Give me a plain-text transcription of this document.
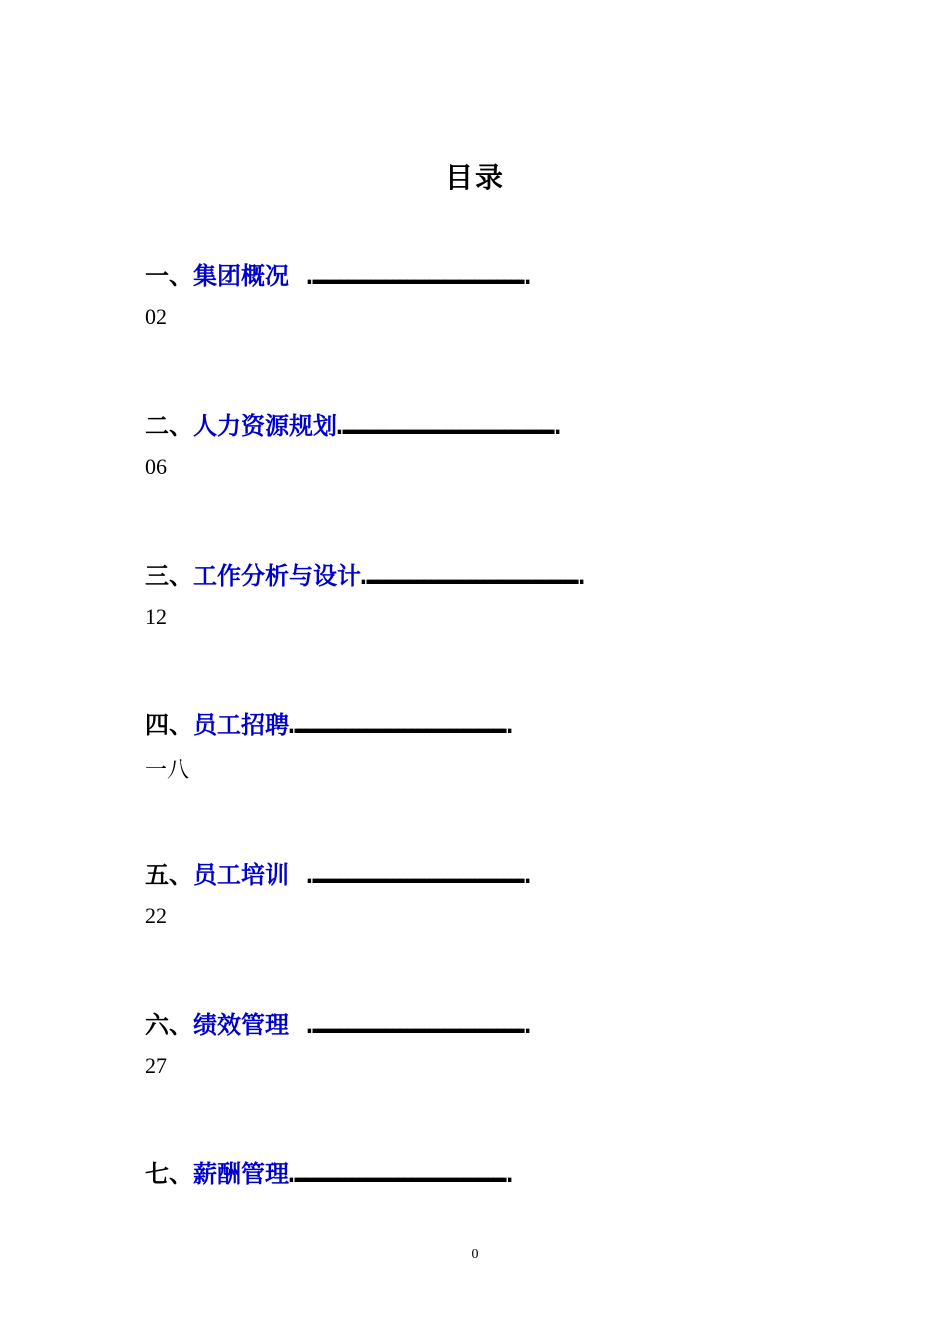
目录
一、 集团概况 ……………………………………………………………………………
02
二、 人力资源规划 ……………………………………………………………………………
06
三、 工作分析与设计 ……………………………………………………………………………
12
四、 员工招聘 ……………………………………………………………………………
一八
五、 员工培训 ……………………………………………………………………………
22
六、 绩效管理 ……………………………………………………………………………
27
七、 薪酬管理 ……………………………………………………………………………
0
